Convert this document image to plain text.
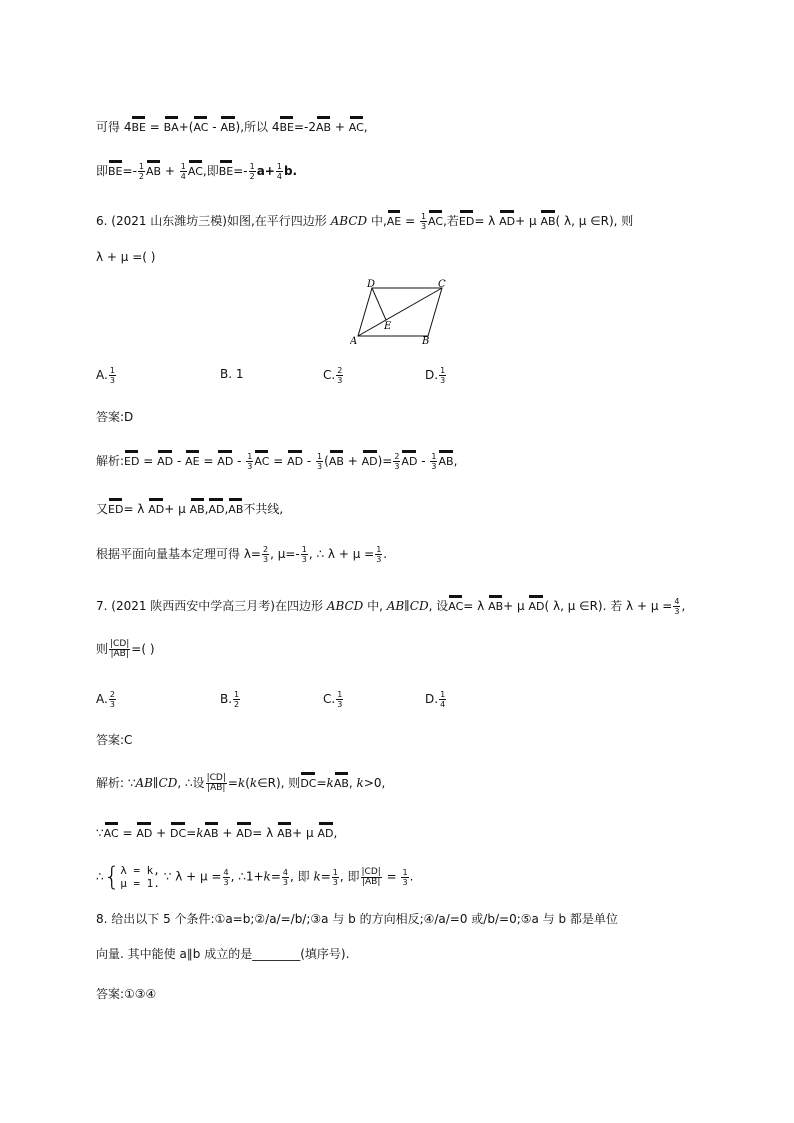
可得 4BE = BA+(AC - AB),所以 4BE=-2AB + AC,
即$BE=- \frac{1}{2}$ AB + $\frac{1}{4}$ AC,即$BE=- \frac{1}{2} a+ \frac{1}{4} b$.
6. (2021 山东潍坊三模)如图,在平行四边形 ABCD 中$,AE = \frac{1}{3}$ AC,若ED= λ AD+ μ AB( λ, μ ∈R), 则
λ + μ =( )
A	B
C
D
E
A. $\frac{1}{3}$	B. 1	C. $\frac{2}{3}$	D. $\frac{1}{3}$
答案:D
解析:ED = AD - AE = AD - $\frac{1}{3}$ AC = AD - $\frac{1}{3} (AB + AD)= \frac{2}{3}$ AD - $\frac{1}{3}$ AB,
又ED= λ AD+ μ AB,AD,AB不共线,
根据平面向量基本定理可得 $\lambda= \frac{2}{3}$ , $\mu=- \frac{1}{3}$ , ∴ $\lambda + \mu = \frac{1}{3}$ .
7. (2021 陕西西安中学高三月考)在四边形 ABCD 中, AB∥CD, 设AC= λ AB+ μ AD( λ, μ ∈R). 若 $\lambda + \mu = \frac{4}{3}$ ,
则 $\frac{|CD|}{|AB|}$ =( )
A. $\frac{2}{3}$	B. $\frac{1}{2}$	C. $\frac{1}{3}$	D. $\frac{1}{4}$
答案:C
解析: ∵AB∥CD, ∴设 $\frac{|CD|}{|AB|}$ =k(k∈R), 则DC=kAB, k>0,
∵AC = AD + DC=kAB + AD= λ AB+ μ AD,
∴{ λ = k,
μ = 1. ∵ $\lambda + \mu = \frac{4}{3}$ , ∴1+k= $\frac{4}{3}$ , 即 $k= \frac{1}{3}$ , 即 $\frac{|CD|}{|AB|} = \frac{1}{3}$ .
8. 给出以下 5 个条件:①a=b;②/a/=/b/;③a 与 b 的方向相反;④/a/=0 或/b/=0;⑤a 与 b 都是单位
向量. 其中能使 a∥b 成立的是________(填序号).
答案:①③④
